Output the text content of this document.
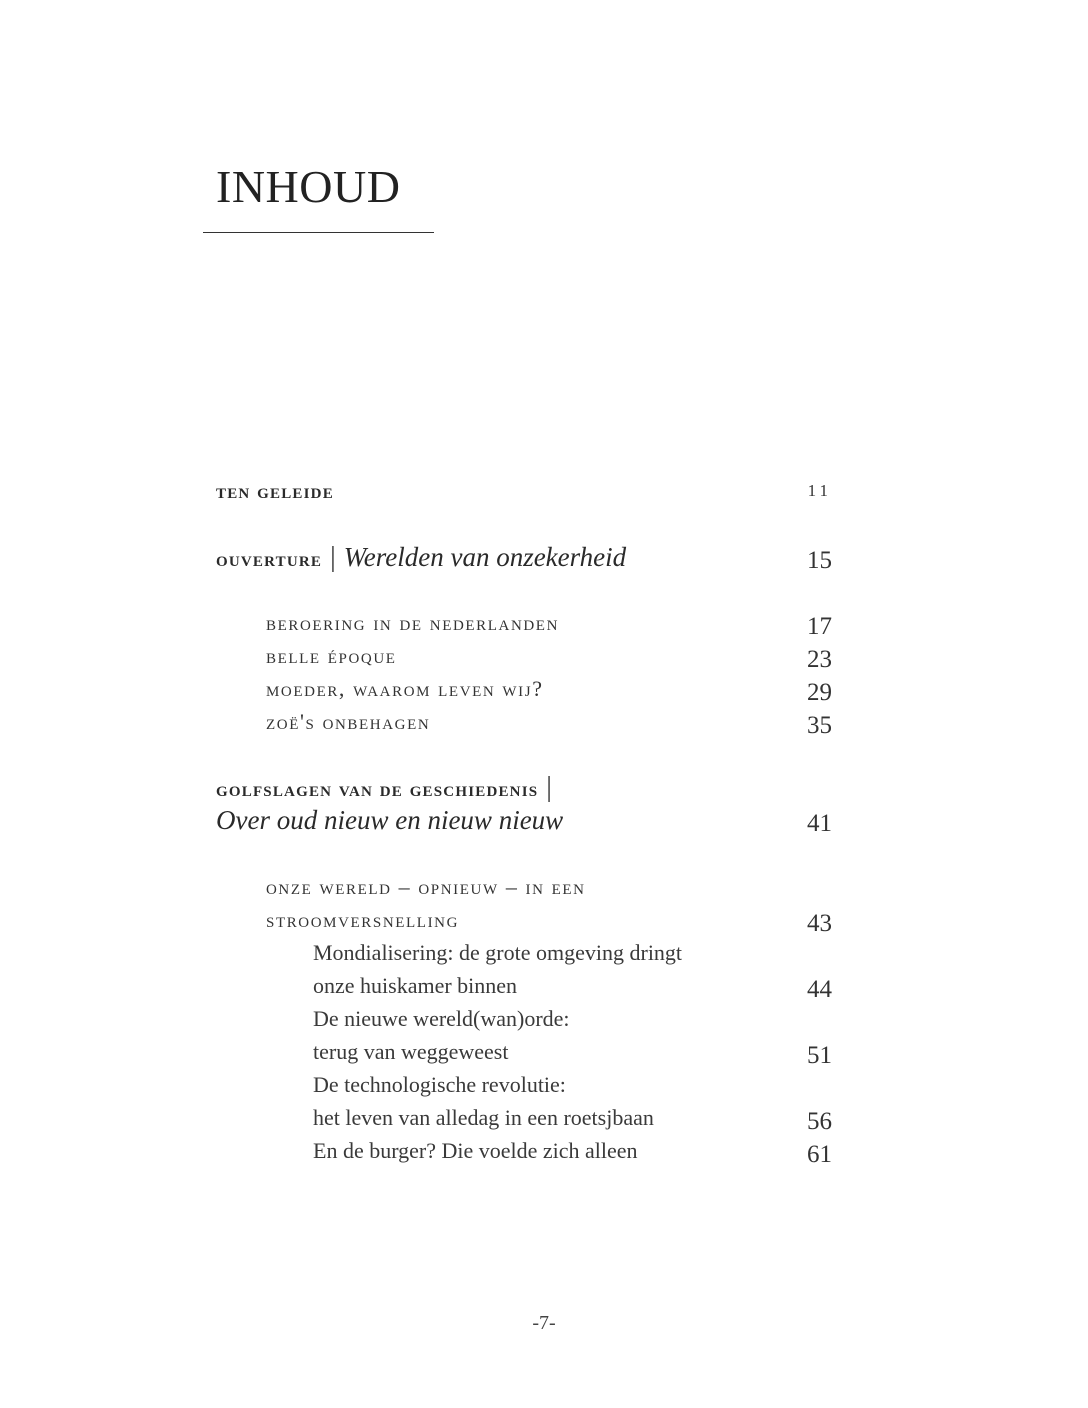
INHOUD
ten geleide	11
ouverture | Werelden van onzekerheid	15
beroering in de nederlanden	17
belle époque	23
moeder, waarom leven wij?	29
zoë's onbehagen	35
golfslagen van de geschiedenis |
Over oud nieuw en nieuw nieuw	41
onze wereld – opnieuw – in een
stroomversnelling	43
Mondialisering: de grote omgeving dringt
onze huiskamer binnen	44
De nieuwe wereld(wan)orde:
terug van weggeweest	51
De technologische revolutie:
het leven van alledag in een roetsjbaan	56
En de burger? Die voelde zich alleen	61
-7-
